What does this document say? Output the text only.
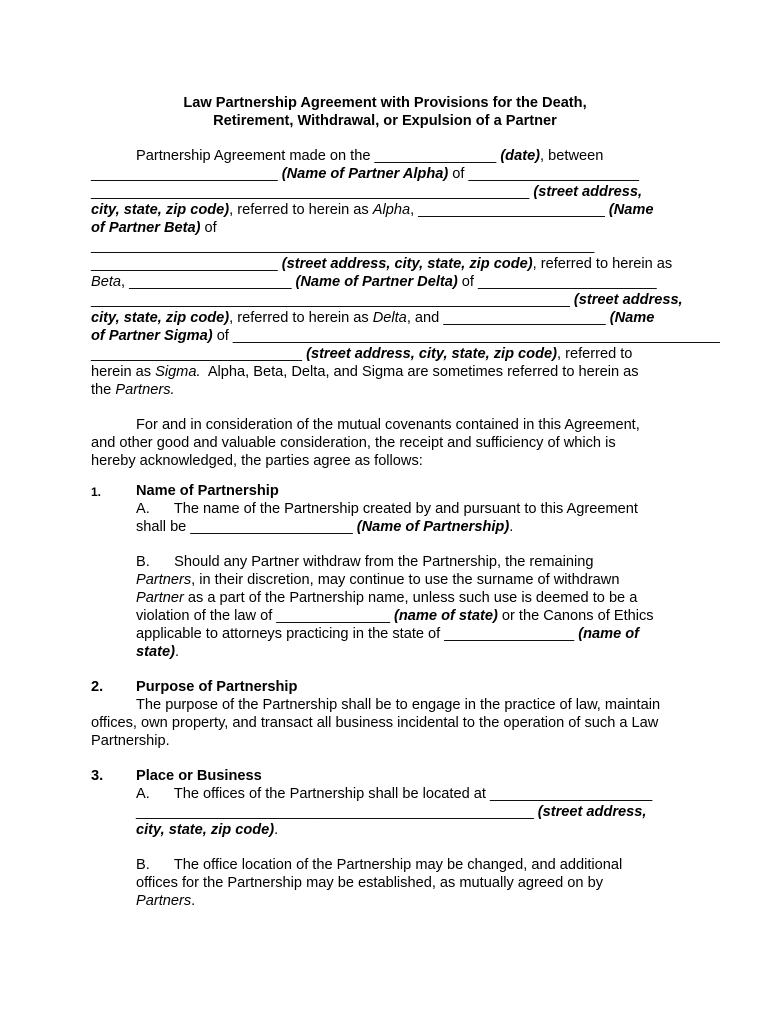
Law Partnership Agreement with Provisions for the Death,
Retirement, Withdrawal, or Expulsion of a Partner
Partnership Agreement made on the _______________ (date), between
_______________________ (Name of Partner Alpha) of _____________________
______________________________________________________ (street address,
city, state, zip code), referred to herein as Alpha, _______________________ (Name
of Partner Beta) of
______________________________________________________________
_______________________ (street address, city, state, zip code), referred to herein as
Beta, ____________________ (Name of Partner Delta) of ______________________
___________________________________________________________ (street address,
city, state, zip code), referred to herein as Delta, and ____________________ (Name
of Partner Sigma) of ____________________________________________________________
__________________________ (street address, city, state, zip code), referred to
herein as Sigma.  Alpha, Beta, Delta, and Sigma are sometimes referred to herein as
the Partners.
For and in consideration of the mutual covenants contained in this Agreement,
and other good and valuable consideration, the receipt and sufficiency of which is
hereby acknowledged, the parties agree as follows:
1. Name of Partnership
A.      The name of the Partnership created by and pursuant to this Agreement
shall be ____________________ (Name of Partnership).
B.      Should any Partner withdraw from the Partnership, the remaining
Partners, in their discretion, may continue to use the surname of withdrawn
Partner as a part of the Partnership name, unless such use is deemed to be a
violation of the law of ______________ (name of state) or the Canons of Ethics
applicable to attorneys practicing in the state of ________________ (name of
state).
2. Purpose of Partnership
The purpose of the Partnership shall be to engage in the practice of law, maintain
offices, own property, and transact all business incidental to the operation of such a Law
Partnership.
3. Place or Business
A.      The offices of the Partnership shall be located at ____________________
_________________________________________________ (street address,
city, state, zip code).
B.      The office location of the Partnership may be changed, and additional
offices for the Partnership may be established, as mutually agreed on by
Partners.
